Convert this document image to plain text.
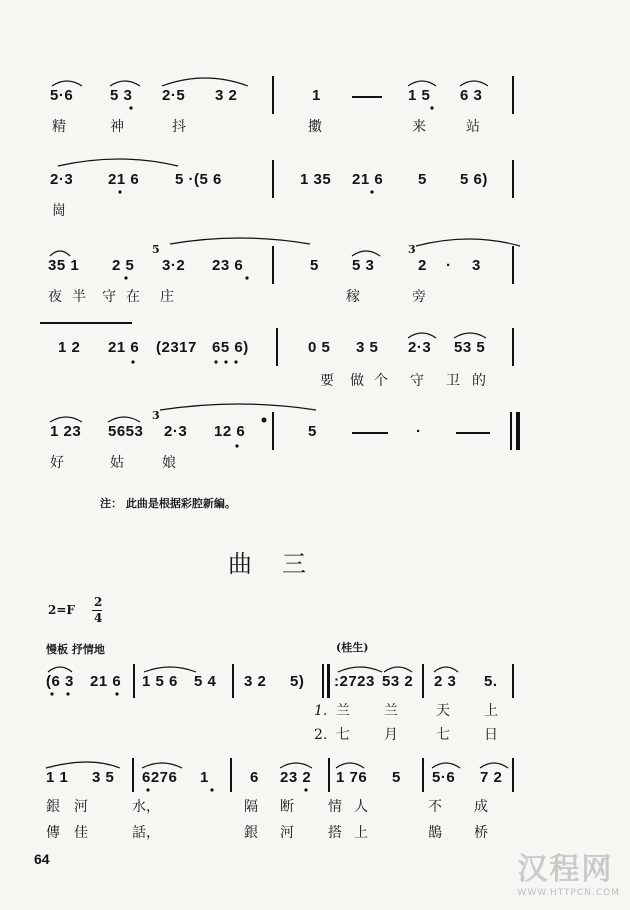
5·6 5 3 2·5 3 2	1	1 5 6 3
精	神	抖	擻	来	站
2·3 21 6 5 ·(5 6	1 35 21 6 5 5 6)
崗
35 1 2 5
5
3·2 23 6	5 5 3
3
2 · 3
夜 半 守 在 庄	稼	旁
1 2 21 6 (2317 65 6)	0 5 3 5 2·3 53 5
要 做 个 守 卫 的
1 23 5653
3
2·3 12 6	5	·
好	姑	娘
注： 此曲是根据彩腔新編。
曲三
2=F
2
4
慢板 抒情地	(桂生)
(6 3 21 6 1 5 6 5 4 3 2 5) :2723 53 2 2 3 5.
1. 兰 兰	天 上
2. 七 月	七 日
1 1 3 5 6276 1	6 23 2 1 76 5 5·6 7 2
銀 河	水，	隔 断 情 人	不 成
傳 佳	話，	銀 河 搭 上	鵲 桥
64	汉程网
WWW.HTTPCN.COM
